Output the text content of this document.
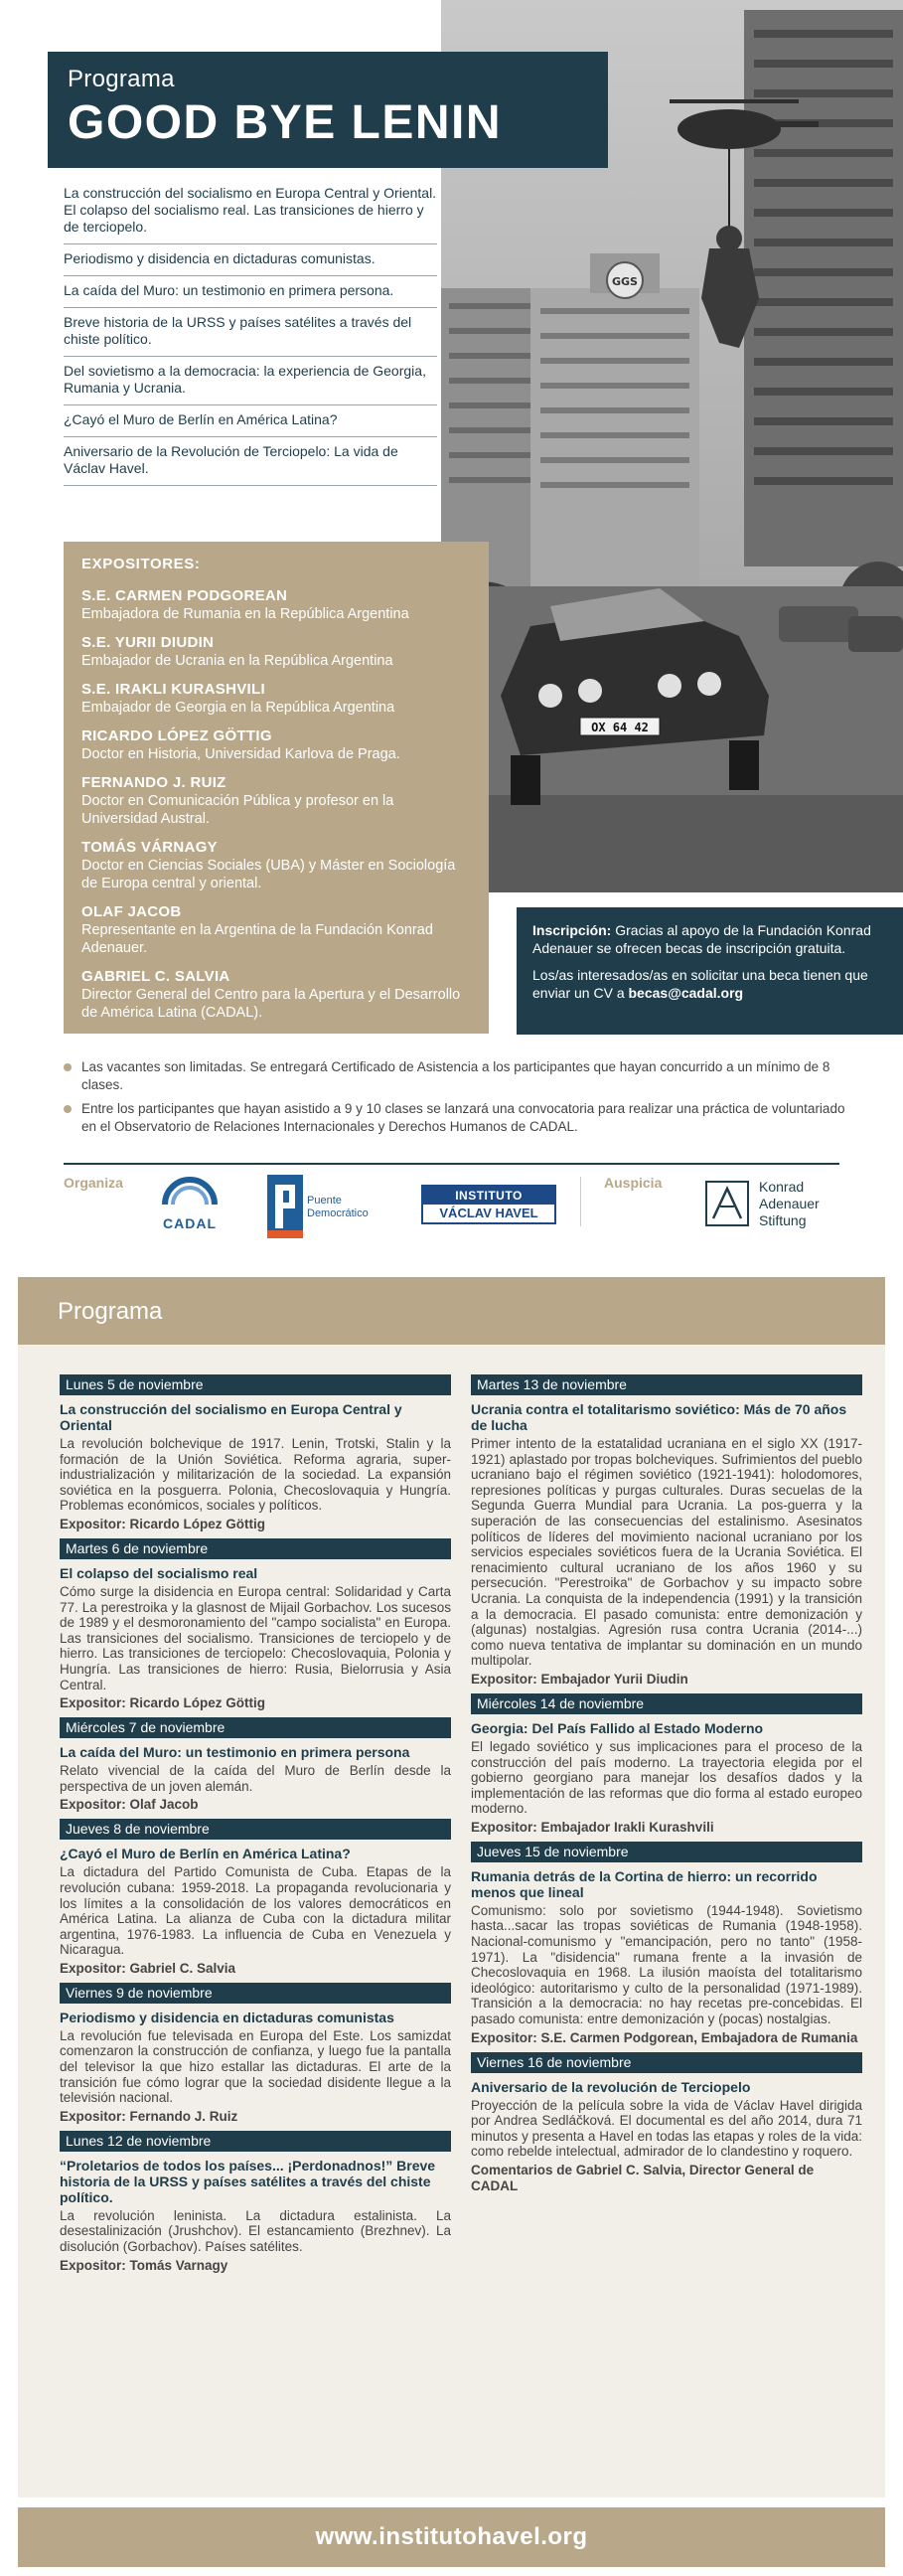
GGS
OX 64 42
Programa
GOOD BYE LENIN
La construcción del socialismo en Europa Central y Oriental. El colapso del socialismo real. Las transiciones de hierro y de terciopelo.
Periodismo y disidencia en dictaduras comunistas.
La caída del Muro: un testimonio en primera persona.
Breve historia de la URSS y países satélites a través del chiste político.
Del sovietismo a la democracia: la experiencia de Georgia, Rumania y Ucrania.
¿Cayó el Muro de Berlín en América Latina?
Aniversario de la Revolución de Terciopelo: La vida de Václav Havel.
EXPOSITORES:
S.E. CARMEN PODGOREAN
Embajadora de Rumania en la República Argentina
S.E. YURII DIUDIN
Embajador de Ucrania en la República Argentina
S.E. IRAKLI KURASHVILI
Embajador de Georgia en la República Argentina
RICARDO LÓPEZ GÖTTIG
Doctor en Historia, Universidad Karlova de Praga.
FERNANDO J. RUIZ
Doctor en Comunicación Pública y profesor en la Universidad Austral.
TOMÁS VÁRNAGY
Doctor en Ciencias Sociales (UBA) y Máster en Sociología de Europa central y oriental.
OLAF JACOB
Representante en la Argentina de la Fundación Konrad Adenauer.
GABRIEL C. SALVIA
Director General del Centro para la Apertura y el Desarrollo de América Latina (CADAL).

Inscripción: Gracias al apoyo de la Fundación Konrad Adenauer se ofrecen becas de inscripción gratuita.

Los/as interesados/as en solicitar una beca tienen que enviar un CV a becas@cadal.org

Las vacantes son limitadas. Se entregará Certificado de Asistencia a los participantes que hayan concurrido a un mínimo de 8 clases.
Entre los participantes que hayan asistido a 9 y 10 clases se lanzará una convocatoria para realizar una práctica de voluntariado en el Observatorio de Relaciones Internacionales y Derechos Humanos de CADAL.
Organiza
CADAL
Puente
Democrático
INSTITUTO
VÁCLAV HAVEL
Auspicia	Konrad
Adenauer
Stiftung
Programa
Lunes 5 de noviembre
La construcción del socialismo en Europa Central y Oriental
La revolución bolchevique de 1917. Lenin, Trotski, Stalin y la formación de la Unión Soviética. Reforma agraria, super-industrialización y militarización de la sociedad. La expansión soviética en la posguerra. Polonia, Checoslovaquia y Hungría. Problemas económicos, sociales y políticos.
Expositor: Ricardo López Göttig
Martes 6 de noviembre
El colapso del socialismo real
Cómo surge la disidencia en Europa central: Solidaridad y Carta 77. La perestroika y la glasnost de Mijail Gorbachov. Los sucesos de 1989 y el desmoronamiento del "campo socialista" en Europa. Las transiciones del socialismo. Transiciones de terciopelo y de hierro. Las transiciones de terciopelo: Checoslovaquia, Polonia y Hungría. Las transiciones de hierro: Rusia, Bielorrusia y Asia Central.
Expositor: Ricardo López Göttig
Miércoles 7 de noviembre
La caída del Muro: un testimonio en primera persona
Relato vivencial de la caída del Muro de Berlín desde la perspectiva de un joven alemán.
Expositor: Olaf Jacob
Jueves 8 de noviembre
¿Cayó el Muro de Berlín en América Latina?
La dictadura del Partido Comunista de Cuba. Etapas de la revolución cubana: 1959-2018. La propaganda revolucionaria y los límites a la consolidación de los valores democráticos en América Latina. La alianza de Cuba con la dictadura militar argentina, 1976-1983. La influencia de Cuba en Venezuela y Nicaragua.
Expositor: Gabriel C. Salvia
Viernes 9 de noviembre
Periodismo y disidencia en dictaduras comunistas
La revolución fue televisada en Europa del Este. Los samizdat comenzaron la construcción de confianza, y luego fue la pantalla del televisor la que hizo estallar las dictaduras. El arte de la transición fue cómo lograr que la sociedad disidente llegue a la televisión nacional.
Expositor: Fernando J. Ruiz
Lunes 12 de noviembre
“Proletarios de todos los países... ¡Perdonadnos!” Breve historia de la URSS y países satélites a través del chiste político.
La revolución leninista. La dictadura estalinista. La desestalinización (Jrushchov). El estancamiento (Brezhnev). La disolución (Gorbachov). Países satélites.
Expositor: Tomás Varnagy
Martes 13 de noviembre
Ucrania contra el totalitarismo soviético: Más de 70 años de lucha
Primer intento de la estatalidad ucraniana en el siglo XX (1917-1921) aplastado por tropas bolcheviques. Sufrimientos del pueblo ucraniano bajo el régimen soviético (1921-1941): holodomores, represiones políticas y purgas culturales. Duras secuelas de la Segunda Guerra Mundial para Ucrania. La pos-guerra y la superación de las consecuencias del estalinismo. Asesinatos políticos de líderes del movimiento nacional ucraniano por los servicios especiales soviéticos fuera de la Ucrania Soviética. El renacimiento cultural ucraniano de los años 1960 y su persecución. "Perestroika" de Gorbachov y su impacto sobre Ucrania. La conquista de la independencia (1991) y la transición a la democracia. El pasado comunista: entre demonización y (algunas) nostalgias. Agresión rusa contra Ucrania (2014-...) como nueva tentativa de implantar su dominación en un mundo multipolar.
Expositor: Embajador Yurii Diudin
Miércoles 14 de noviembre
Georgia: Del País Fallido al Estado Moderno
El legado soviético y sus implicaciones para el proceso de la construcción del país moderno. La trayectoria elegida por el gobierno georgiano para manejar los desafíos dados y la implementación de las reformas que dio forma al estado europeo moderno.
Expositor: Embajador Irakli Kurashvili
Jueves 15 de noviembre
Rumania detrás de la Cortina de hierro: un recorrido menos que lineal
Comunismo: solo por sovietismo (1944-1948). Sovietismo hasta...sacar las tropas soviéticas de Rumania (1948-1958). Nacional-comunismo y "emancipación, pero no tanto" (1958-1971). La "disidencia" rumana frente a la invasión de Checoslovaquia en 1968. La ilusión maoísta del totalitarismo ideológico: autoritarismo y culto de la personalidad (1971-1989). Transición a la democracia: no hay recetas pre-concebidas. El pasado comunista: entre demonización y (pocas) nostalgias.
Expositor: S.E. Carmen Podgorean, Embajadora de Rumania
Viernes 16 de noviembre
Aniversario de la revolución de Terciopelo
Proyección de la película sobre la vida de Václav Havel dirigida por Andrea Sedláčková. El documental es del año 2014, dura 71 minutos y presenta a Havel en todas las etapas y roles de la vida: como rebelde intelectual, admirador de lo clandestino y roquero.
Comentarios de Gabriel C. Salvia, Director General de CADAL
www.institutohavel.org
